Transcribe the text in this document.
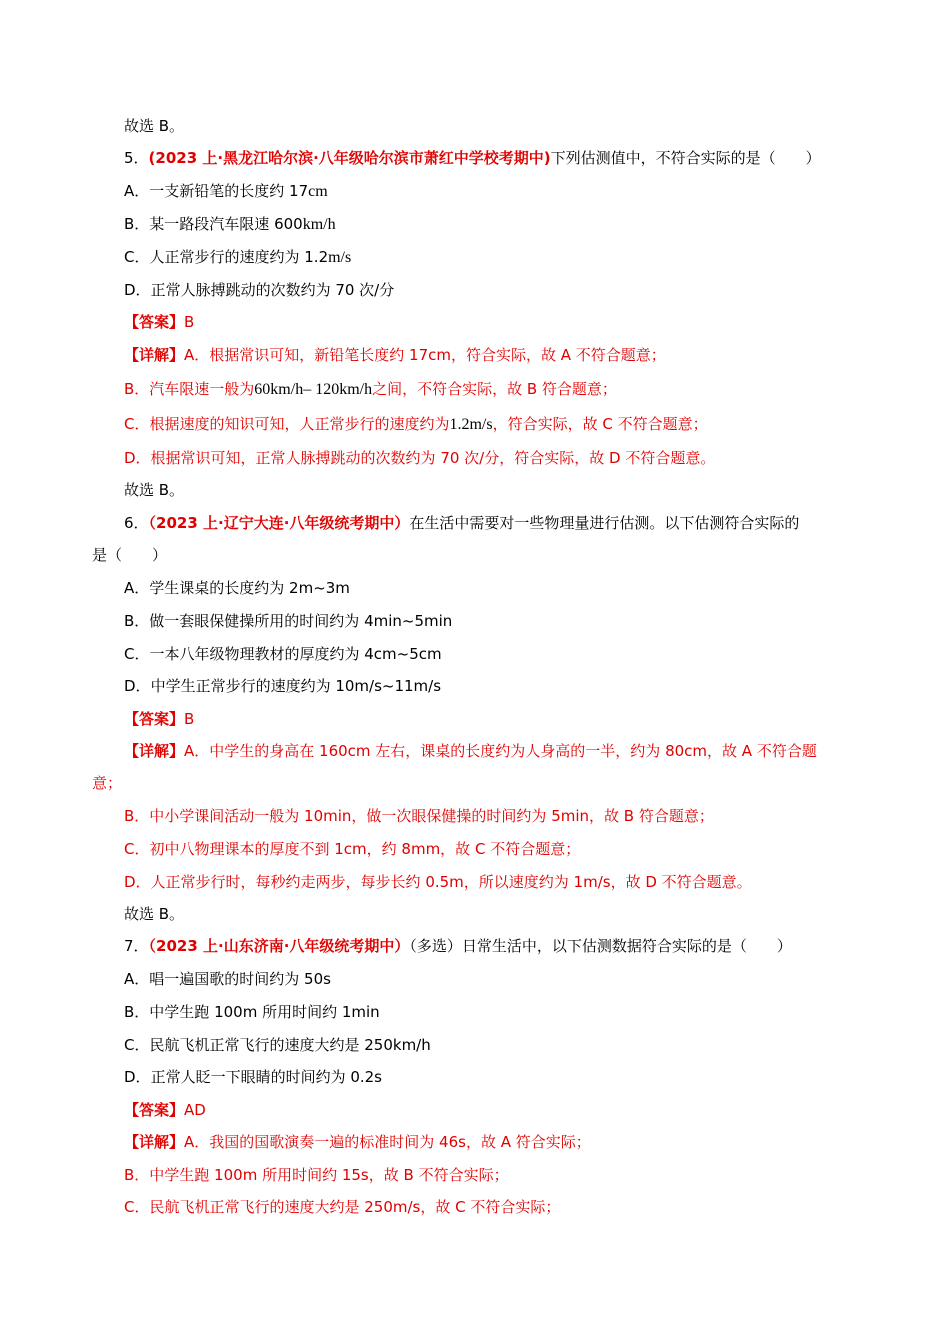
故选 B。
5．(2023 上·黑龙江哈尔滨·八年级哈尔滨市萧红中学校考期中)下列估测值中，不符合实际的是（　　）
A．一支新铅笔的长度约 17cm
B．某一路段汽车限速 600km/h
C．人正常步行的速度约为 1.2m/s
D．正常人脉搏跳动的次数约为 70 次/分
【答案】B
【详解】A．根据常识可知，新铅笔长度约 17cm，符合实际，故 A 不符合题意；
B．汽车限速一般为60km/h– 120km/h之间，不符合实际，故 B 符合题意；
C．根据速度的知识可知，人正常步行的速度约为1.2m/s，符合实际，故 C 不符合题意；
D．根据常识可知，正常人脉搏跳动的次数约为 70 次/分，符合实际，故 D 不符合题意。
故选 B。
6．（2023 上·辽宁大连·八年级统考期中）在生活中需要对一些物理量进行估测。以下估测符合实际的
是（　　）
A．学生课桌的长度约为 2m~3m
B．做一套眼保健操所用的时间约为 4min~5min
C．一本八年级物理教材的厚度约为 4cm~5cm
D．中学生正常步行的速度约为 10m/s~11m/s
【答案】B
【详解】A．中学生的身高在 160cm 左右，课桌的长度约为人身高的一半，约为 80cm，故 A 不符合题
意；
B．中小学课间活动一般为 10min，做一次眼保健操的时间约为 5min，故 B 符合题意；
C．初中八物理课本的厚度不到 1cm，约 8mm，故 C 不符合题意；
D．人正常步行时，每秒约走两步，每步长约 0.5m，所以速度约为 1m/s，故 D 不符合题意。
故选 B。
7．（2023 上·山东济南·八年级统考期中）（多选）日常生活中，以下估测数据符合实际的是（　　）
A．唱一遍国歌的时间约为 50s
B．中学生跑 100m 所用时间约 1min
C．民航飞机正常飞行的速度大约是 250km/h
D．正常人眨一下眼睛的时间约为 0.2s
【答案】AD
【详解】A．我国的国歌演奏一遍的标准时间为 46s，故 A 符合实际；
B．中学生跑 100m 所用时间约 15s，故 B 不符合实际；
C．民航飞机正常飞行的速度大约是 250m/s，故 C 不符合实际；
